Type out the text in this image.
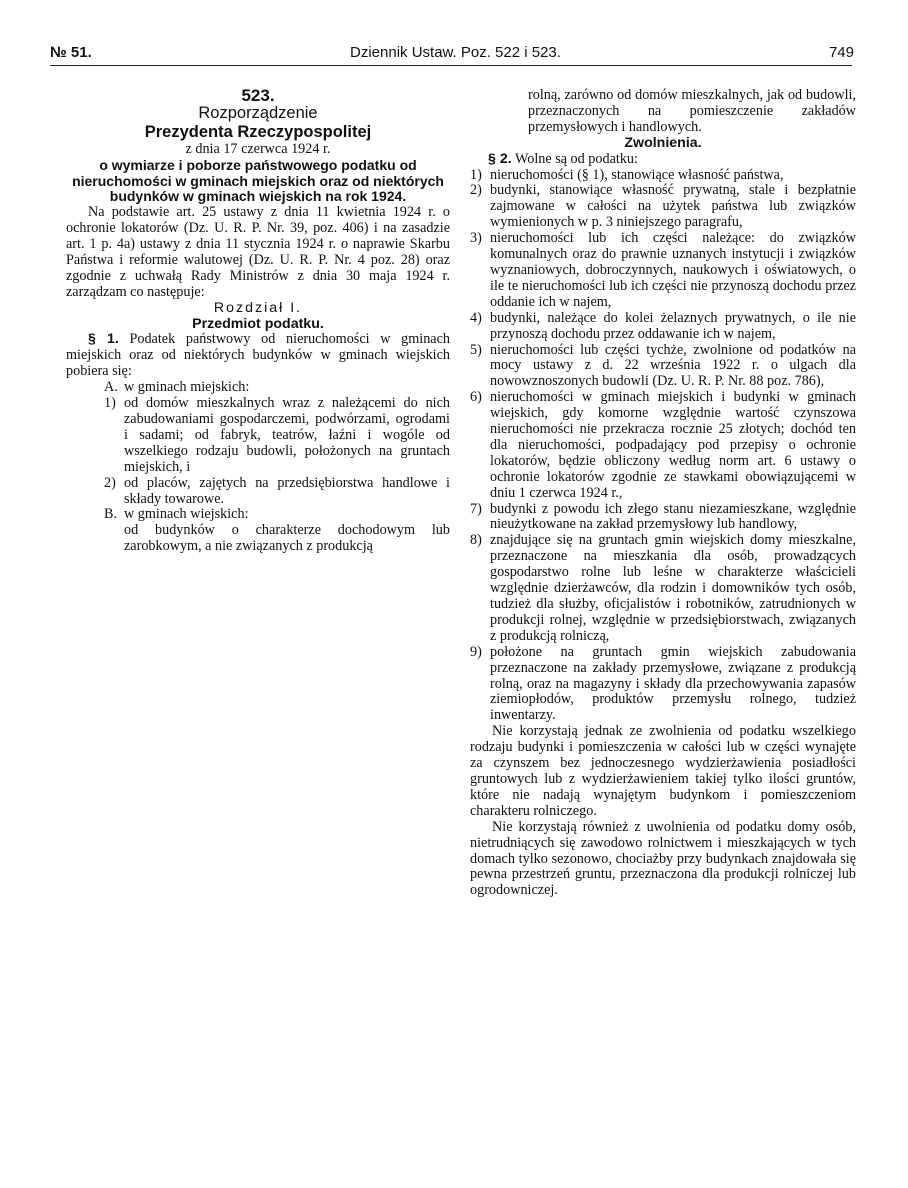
№ 51.	Dziennik Ustaw. Poz. 522 i 523.	749

523.

Rozporządzenie

Prezydenta Rzeczypospolitej

z dnia 17 czerwca 1924 r.

o wymiarze i poborze państwowego podatku od nieruchomości w gminach miejskich oraz od niektórych budynków w gminach wiejskich na rok 1924.

Na podstawie art. 25 ustawy z dnia 11 kwietnia 1924 r. o ochronie lokatorów (Dz. U. R. P. Nr. 39, poz. 406) i na zasadzie art. 1 p. 4a) ustawy z dnia 11 stycznia 1924 r. o naprawie Skarbu Państwa i reformie walutowej (Dz. U. R. P. Nr. 4 poz. 28) oraz zgodnie z uchwałą Rady Ministrów z dnia 30 maja 1924 r. zarządzam co następuje:

Rozdział I.

Przedmiot podatku.

§ 1. Podatek państwowy od nieruchomości w gminach miejskich oraz od niektórych budynków w gminach wiejskich pobiera się:

A. w gminach miejskich:
1) od domów mieszkalnych wraz z należącemi do nich zabudowaniami gospodarczemi, podwórzami, ogrodami i sadami; od fabryk, teatrów, łaźni i wogóle od wszelkiego rodzaju budowli, położonych na gruntach miejskich, i
2) od placów, zajętych na przedsiębiorstwa handlowe i składy towarowe.
B. w gminach wiejskich:

od budynków o charakterze dochodowym lub zarobkowym, a nie związanych z produkcją

rolną, zarówno od domów mieszkalnych, jak od budowli, przeznaczonych na pomieszczenie zakładów przemysłowych i handlowych.

Zwolnienia.

§ 2. Wolne są od podatku:

1) nieruchomości (§ 1), stanowiące własność państwa,
2) budynki, stanowiące własność prywatną, stale i bezpłatnie zajmowane w całości na użytek państwa lub związków wymienionych w p. 3 niniejszego paragrafu,
3) nieruchomości lub ich części należące: do związków komunalnych oraz do prawnie uznanych instytucji i związków wyznaniowych, dobroczynnych, naukowych i oświatowych, o ile te nieruchomości lub ich części nie przynoszą dochodu przez oddanie ich w najem,
4) budynki, należące do kolei żelaznych prywatnych, o ile nie przynoszą dochodu przez oddawanie ich w najem,
5) nieruchomości lub części tychże, zwolnione od podatków na mocy ustawy z d. 22 września 1922 r. o ulgach dla nowowznoszonych budowli (Dz. U. R. P. Nr. 88 poz. 786),
6) nieruchomości w gminach miejskich i budynki w gminach wiejskich, gdy komorne względnie wartość czynszowa nieruchomości nie przekracza rocznie 25 złotych; dochód ten dla nieruchomości, podpadający pod przepisy o ochronie lokatorów, będzie obliczony według norm art. 6 ustawy o ochronie lokatorów zgodnie ze stawkami obowiązującemi w dniu 1 czerwca 1924 r.,
7) budynki z powodu ich złego stanu niezamieszkane, względnie nieużytkowane na zakład przemysłowy lub handlowy,
8) znajdujące się na gruntach gmin wiejskich domy mieszkalne, przeznaczone na mieszkania dla osób, prowadzących gospodarstwo rolne lub leśne w charakterze właścicieli względnie dzierżawców, dla rodzin i domowników tych osób, tudzież dla służby, oficjalistów i robotników, zatrudnionych w produkcji rolnej, względnie w przedsiębiorstwach, związanych z produkcją rolniczą,
9) położone na gruntach gmin wiejskich zabudowania przeznaczone na zakłady przemysłowe, związane z produkcją rolną, oraz na magazyny i składy dla przechowywania zapasów ziemiopłodów, produktów przemysłu rolnego, tudzież inwentarzy.

Nie korzystają jednak ze zwolnienia od podatku wszelkiego rodzaju budynki i pomieszczenia w całości lub w części wynajęte za czynszem bez jednoczesnego wydzierżawienia posiadłości gruntowych lub z wydzierżawieniem takiej tylko ilości gruntów, które nie nadają wynajętym budynkom i pomieszczeniom charakteru rolniczego.

Nie korzystają również z uwolnienia od podatku domy osób, nietrudniących się zawodowo rolnictwem i mieszkających w tych domach tylko sezonowo, chociażby przy budynkach znajdowała się pewna przestrzeń gruntu, przeznaczona dla produkcji rolniczej lub ogrodowniczej.
